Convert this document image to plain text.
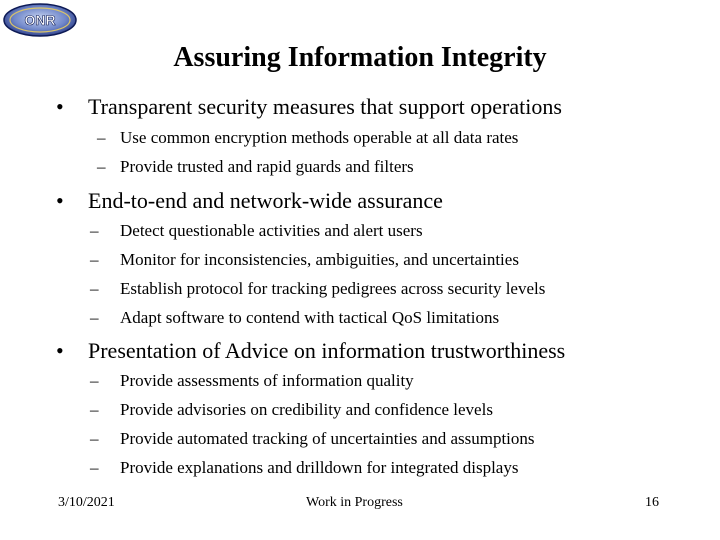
ONR
Assuring Information Integrity
•	Transparent security measures that support operations
– Use common encryption methods operable at all data rates
– Provide trusted and rapid guards and filters
•	End-to-end and network-wide assurance
– Detect questionable activities and alert users
– Monitor for inconsistencies, ambiguities, and uncertainties
– Establish protocol for tracking pedigrees across security levels
– Adapt software to contend with tactical QoS limitations
•	Presentation of Advice on information trustworthiness
– Provide assessments of information quality
– Provide advisories on credibility and confidence levels
– Provide automated tracking of uncertainties and assumptions
– Provide explanations and drilldown for integrated displays
3/10/2021	Work in Progress	16
